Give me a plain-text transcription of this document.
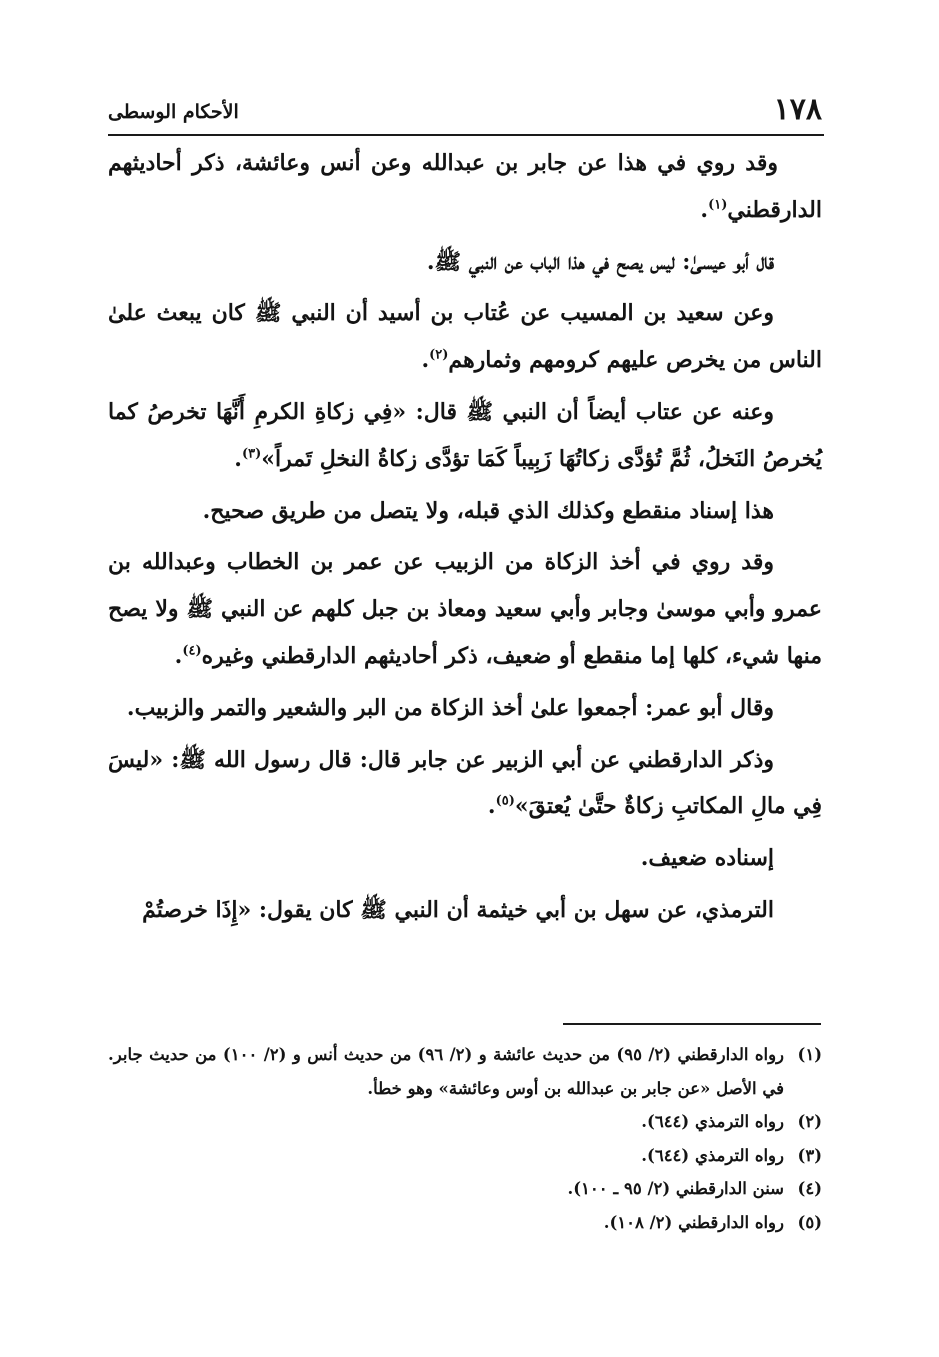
١٧٨
الأحكام الوسطى

وقد روي في هذا عن جابر بن عبدالله وعن أنس وعائشة، ذكر أحاديثهم الدارقطني$^{(١)}$.

قال أبو عيسىٰ: ليس يصح في هذا الباب عن النبي ﷺ.

وعن سعيد بن المسيب عن عُتاب بن أسيد أن النبي ﷺ كان يبعث علىٰ الناس من يخرص عليهم كرومهم وثمارهم$^{(٢)}$.

وعنه عن عتاب أيضاً أن النبي ﷺ قال: «فِي زكاةِ الكرمِ أَنَّهَا تخرصُ كما يُخرصُ النَخلُ، ثُمَّ تُؤدَّى زكاتُهَا زَبِيباً كَمَا تؤدَّى زكاةُ النخلِ تَمراً»$^{(٣)}$.

هذا إسناد منقطع وكذلك الذي قبله، ولا يتصل من طريق صحيح.

وقد روي في أخذ الزكاة من الزبيب عن عمر بن الخطاب وعبدالله بن عمرو وأبي موسىٰ وجابر وأبي سعيد ومعاذ بن جبل كلهم عن النبي ﷺ ولا يصح منها شيء، كلها إما منقطع أو ضعيف، ذكر أحاديثهم الدارقطني وغيره$^{(٤)}$.

وقال أبو عمر: أجمعوا علىٰ أخذ الزكاة من البر والشعير والتمر والزبيب.

وذكر الدارقطني عن أبي الزبير عن جابر قال: قال رسول الله ﷺ: «ليسَ فِي مالِ المكاتبِ زكاةٌ حتَّىٰ يُعتقَ»$^{(٥)}$.

إسناده ضعيف.

الترمذي، عن سهل بن أبي خيثمة أن النبي ﷺ كان يقول: «إِذَا خرصتُمْ

(١)
رواه الدارقطني (٢/ ٩٥) من حديث عائشة و (٢/ ٩٦) من حديث أنس و (٢/ ١٠٠) من حديث جابر. في الأصل «عن جابر بن عبدالله بن أوس وعائشة» وهو خطأ.
(٢)
رواه الترمذي (٦٤٤).
(٣)
رواه الترمذي (٦٤٤).
(٤)
سنن الدارقطني (٢/ ٩٥ ـ ١٠٠).
(٥)
رواه الدارقطني (٢/ ١٠٨).
